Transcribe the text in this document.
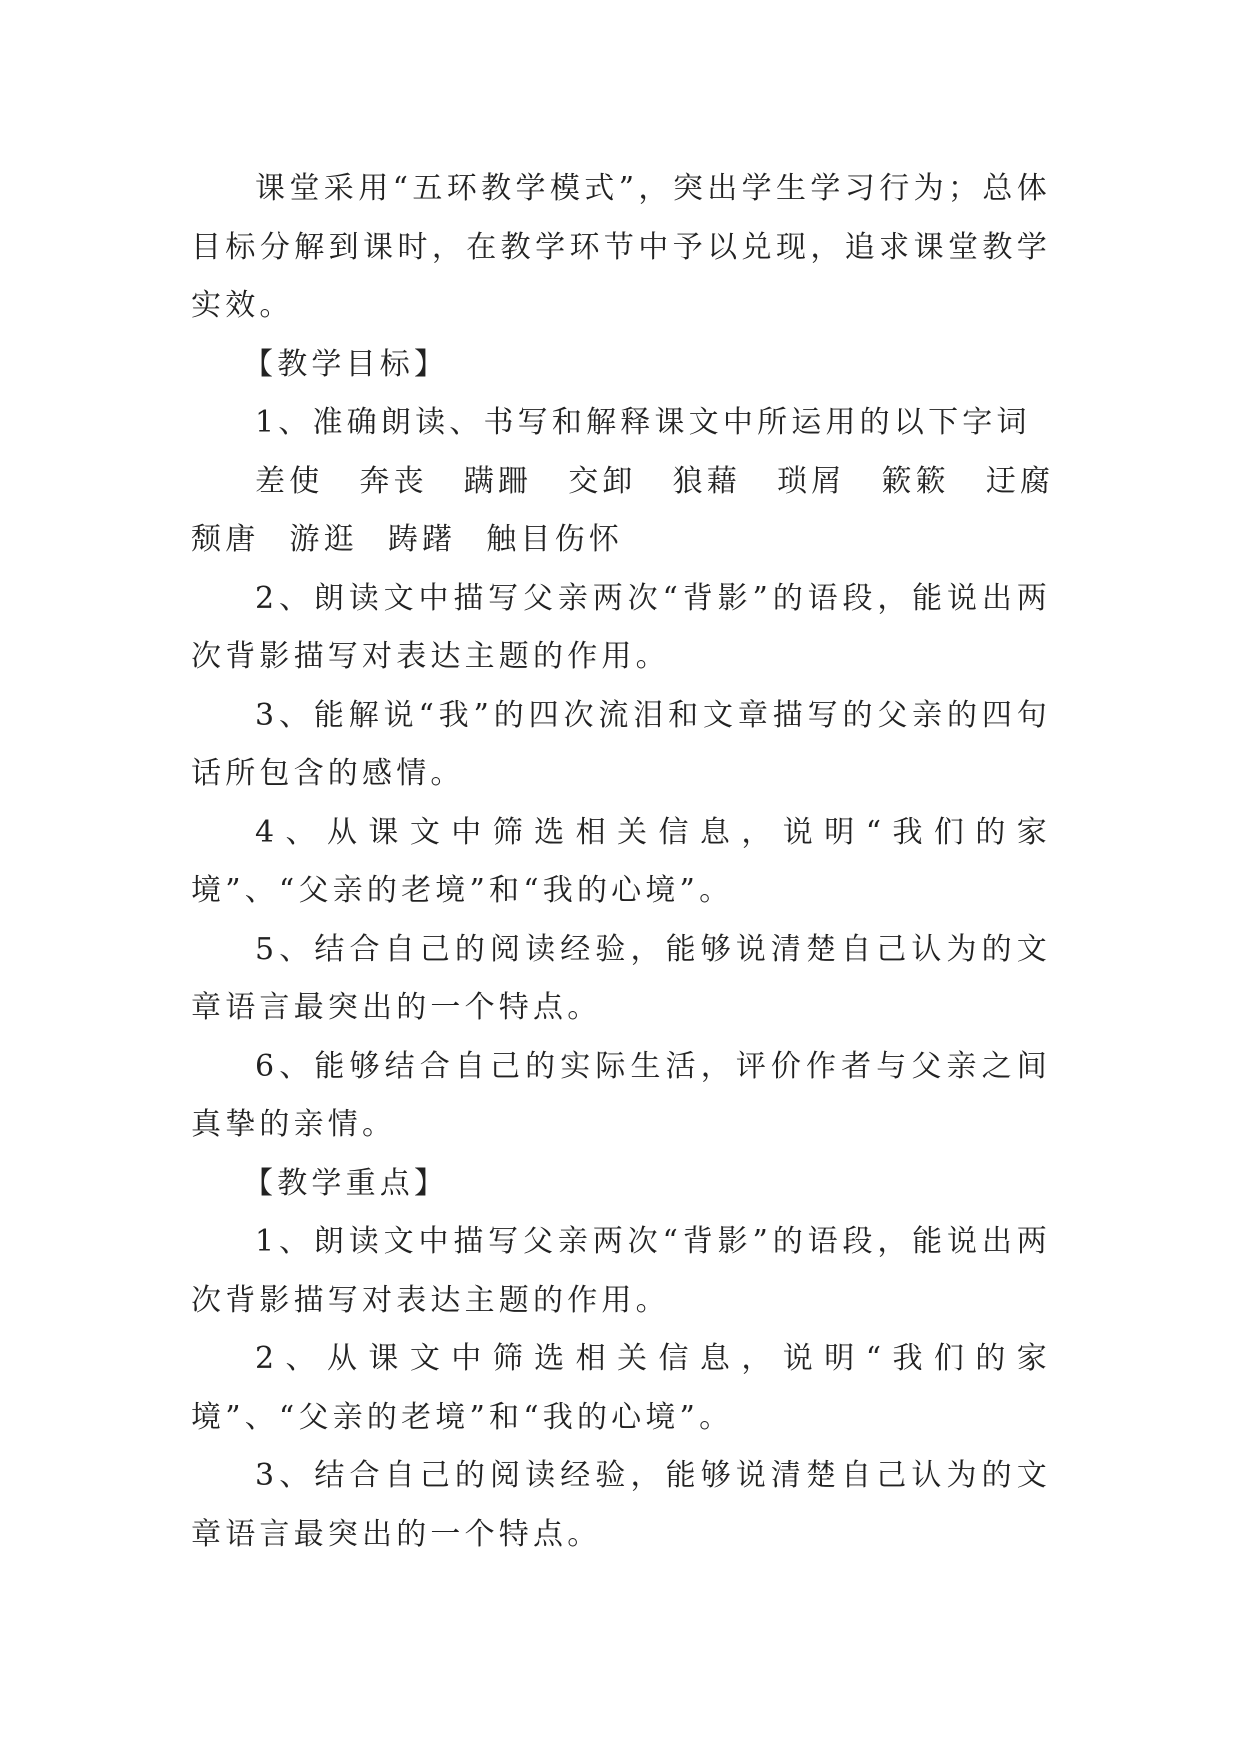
课堂采用“五环教学模式”，突出学生学习行为；总体目标分解到课时，在教学环节中予以兑现，追求课堂教学实效。

【教学目标】

1、准确朗读、书写和解释课文中所运用的以下字词

差使 奔丧 蹒跚 交卸 狼藉 琐屑 簌簌 迂腐
颓唐 游逛 踌躇 触目伤怀

2、朗读文中描写父亲两次“背影”的语段，能说出两次背影描写对表达主题的作用。

3、能解说“我”的四次流泪和文章描写的父亲的四句话所包含的感情。

4、从课文中筛选相关信息，说明“我们的家境”、“父亲的老境”和“我的心境”。

5、结合自己的阅读经验，能够说清楚自己认为的文章语言最突出的一个特点。

6、能够结合自己的实际生活，评价作者与父亲之间真挚的亲情。

【教学重点】

1、朗读文中描写父亲两次“背影”的语段，能说出两次背影描写对表达主题的作用。

2、从课文中筛选相关信息，说明“我们的家境”、“父亲的老境”和“我的心境”。

3、结合自己的阅读经验，能够说清楚自己认为的文章语言最突出的一个特点。
